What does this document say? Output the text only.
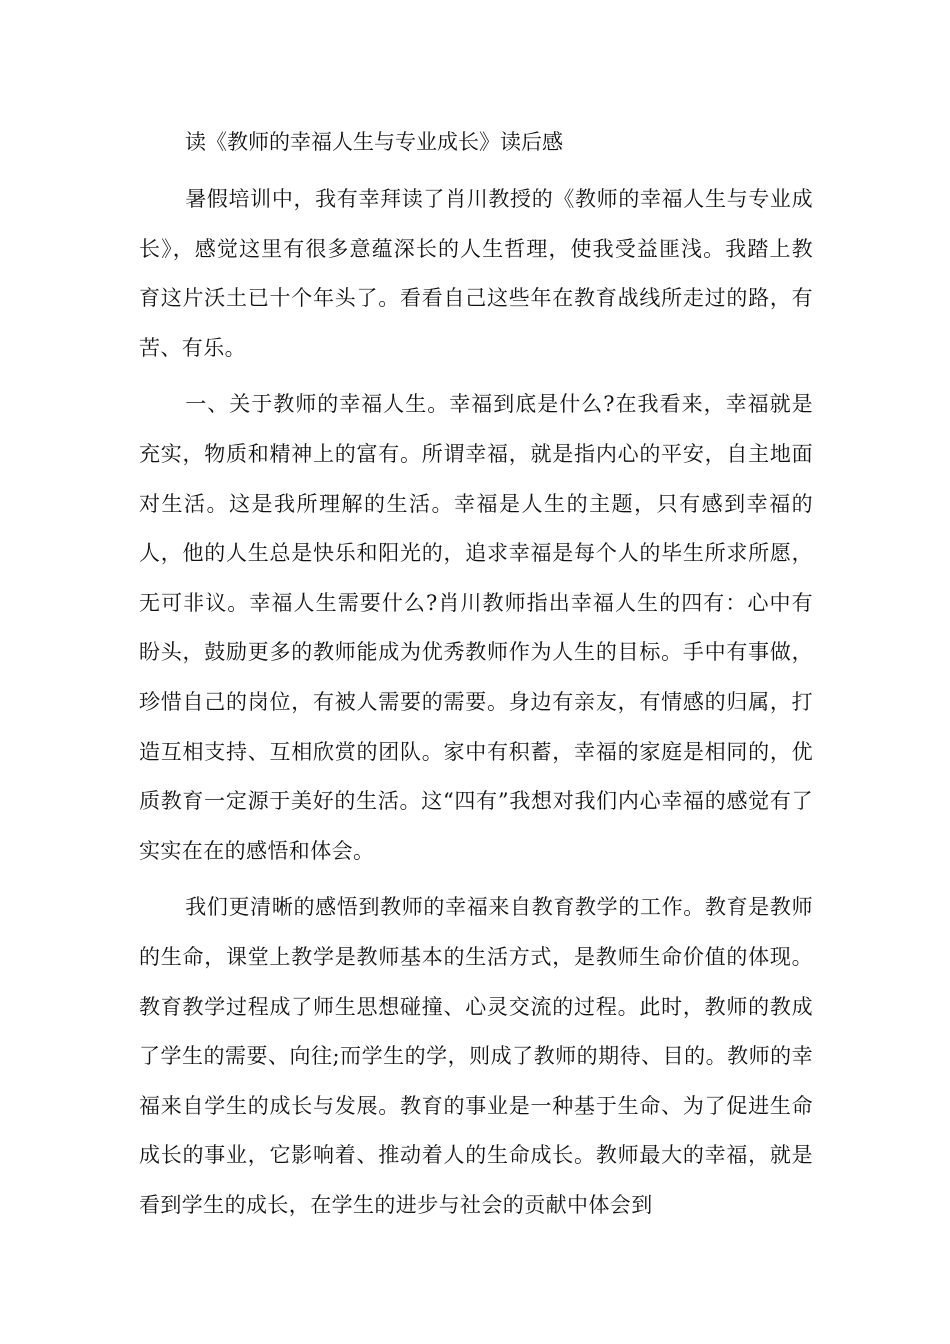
读《教师的幸福人生与专业成长》读后感

暑假培训中，我有幸拜读了肖川教授的《教师的幸福人生与专业成长》，感觉这里有很多意蕴深长的人生哲理，使我受益匪浅。我踏上教育这片沃土已十个年头了。看看自己这些年在教育战线所走过的路，有苦、有乐。

一、关于教师的幸福人生。幸福到底是什么?在我看来，幸福就是充实，物质和精神上的富有。所谓幸福，就是指内心的平安，自主地面对生活。这是我所理解的生活。幸福是人生的主题，只有感到幸福的人，他的人生总是快乐和阳光的，追求幸福是每个人的毕生所求所愿，无可非议。幸福人生需要什么?肖川教师指出幸福人生的四有：心中有盼头，鼓励更多的教师能成为优秀教师作为人生的目标。手中有事做，珍惜自己的岗位，有被人需要的需要。身边有亲友，有情感的归属，打造互相支持、互相欣赏的团队。家中有积蓄，幸福的家庭是相同的，优质教育一定源于美好的生活。这“四有”我想对我们内心幸福的感觉有了实实在在的感悟和体会。

我们更清晰的感悟到教师的幸福来自教育教学的工作。教育是教师的生命，课堂上教学是教师基本的生活方式，是教师生命价值的体现。教育教学过程成了师生思想碰撞、心灵交流的过程。此时，教师的教成了学生的需要、向往;而学生的学，则成了教师的期待、目的。教师的幸福来自学生的成长与发展。教育的事业是一种基于生命、为了促进生命成长的事业，它影响着、推动着人的生命成长。教师最大的幸福，就是看到学生的成长，在学生的进步与社会的贡献中体会到
